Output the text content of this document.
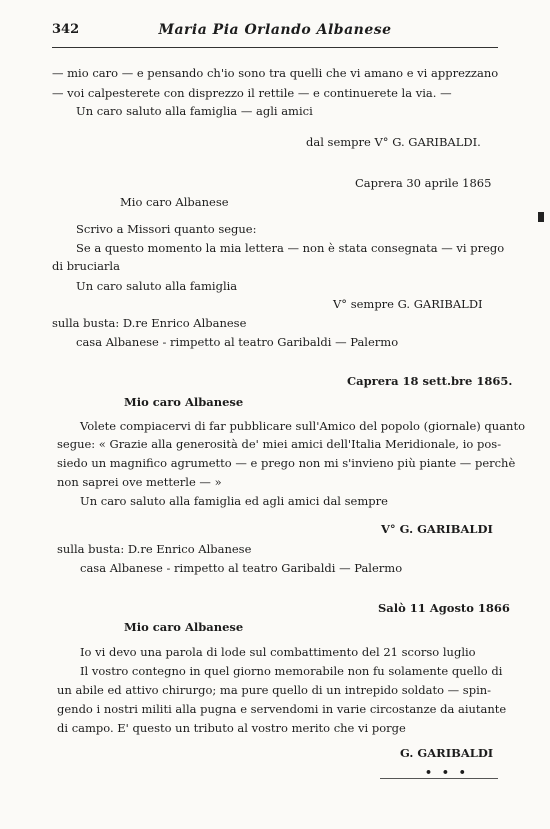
342	Maria Pia Orlando Albanese
— mio caro — e pensando ch'io sono tra quelli che vi amano e vi apprezzano
— voi calpesterete con disprezzo il rettile — e continuerete la via. —
Un caro saluto alla famiglia — agli amici
dal sempre V° G. GARIBALDI.
Caprera 30 aprile 1865
Mio caro Albanese
Scrivo a Missori quanto segue:
Se a questo momento la mia lettera — non è stata consegnata — vi prego
di bruciarla
Un caro saluto alla famiglia
V° sempre G. GARIBALDI
sulla busta: D.re Enrico Albanese
casa Albanese - rimpetto al teatro Garibaldi — Palermo
Caprera 18 sett.bre 1865.
Mio caro Albanese
Volete compiacervi di far pubblicare sull'Amico del popolo (giornale) quanto
segue: « Grazie alla generosità de' miei amici dell'Italia Meridionale, io pos-
siedo un magnifico agrumetto — e prego non mi s'invieno più piante — perchè
non saprei ove metterle — »
Un caro saluto alla famiglia ed agli amici dal sempre
V° G. GARIBALDI
sulla busta: D.re Enrico Albanese
casa Albanese - rimpetto al teatro Garibaldi — Palermo
Salò 11 Agosto 1866
Mio caro Albanese
Io vi devo una parola di lode sul combattimento del 21 scorso luglio
Il vostro contegno in quel giorno memorabile non fu solamente quello di
un abile ed attivo chirurgo; ma pure quello di un intrepido soldato — spin-
gendo i nostri militi alla pugna e servendomi in varie circostanze da aiutante
di campo. E' questo un tributo al vostro merito che vi porge
G. GARIBALDI
• • •
